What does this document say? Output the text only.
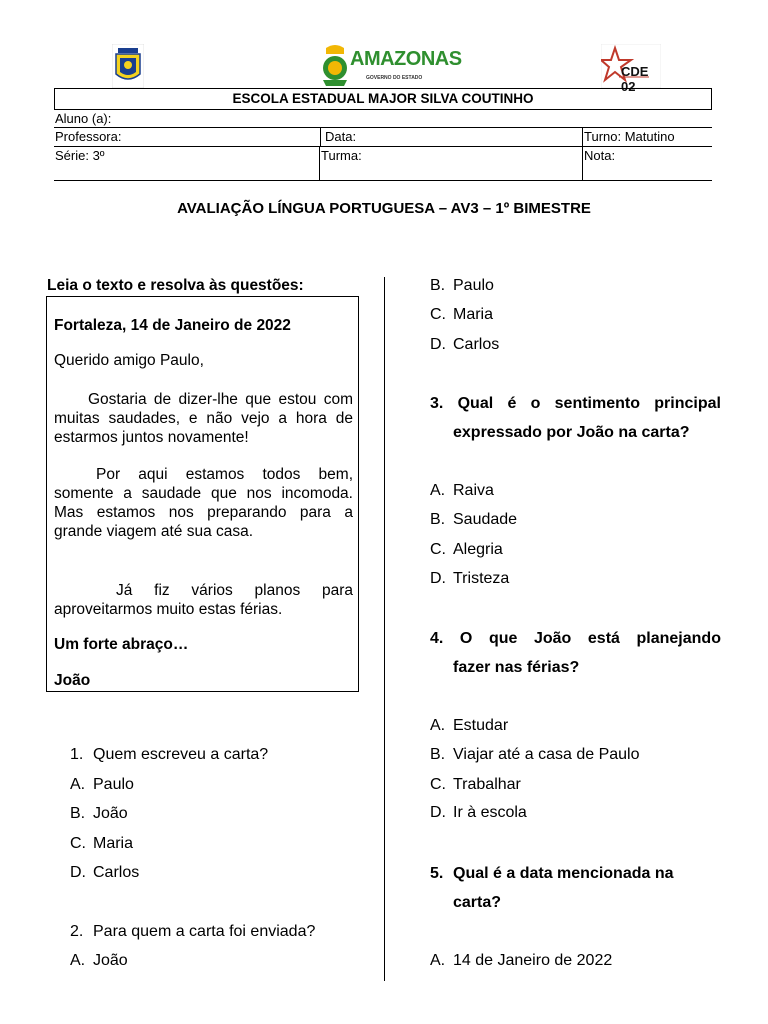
AMAZONAS
GOVERNO DO ESTADO	CDE 02
ESCOLA ESTADUAL MAJOR SILVA COUTINHO
Aluno (a):
Professora:	Data:	Turno: Matutino
Série: 3º	Turma:	Nota:
AVALIAÇÃO LÍNGUA PORTUGUESA – AV3 – 1º BIMESTRE
Leia o texto e resolva às questões:

Fortaleza, 14 de Janeiro de 2022

Querido amigo Paulo,

Gostaria de dizer-lhe que estou com muitas saudades, e não vejo a hora de estarmos juntos novamente!

Por aqui estamos todos bem, somente a saudade que nos incomoda. Mas estamos nos preparando para a grande viagem até sua casa.

Já fiz vários planos para aproveitarmos muito estas férias.

Um forte abraço…

João

1. Quem escreveu a carta?
A. Paulo
B. João
C. Maria
D. Carlos
2. Para quem a carta foi enviada?
A. João
B. Paulo
C. Maria
D. Carlos
3. Qual é o sentimento principal
expressado por João na carta?
A. Raiva
B. Saudade
C. Alegria
D. Tristeza
4. O que João está planejando
fazer nas férias?
A. Estudar
B. Viajar até a casa de Paulo
C. Trabalhar
D. Ir à escola
5. Qual é a data mencionada na
carta?
A. 14 de Janeiro de 2022
